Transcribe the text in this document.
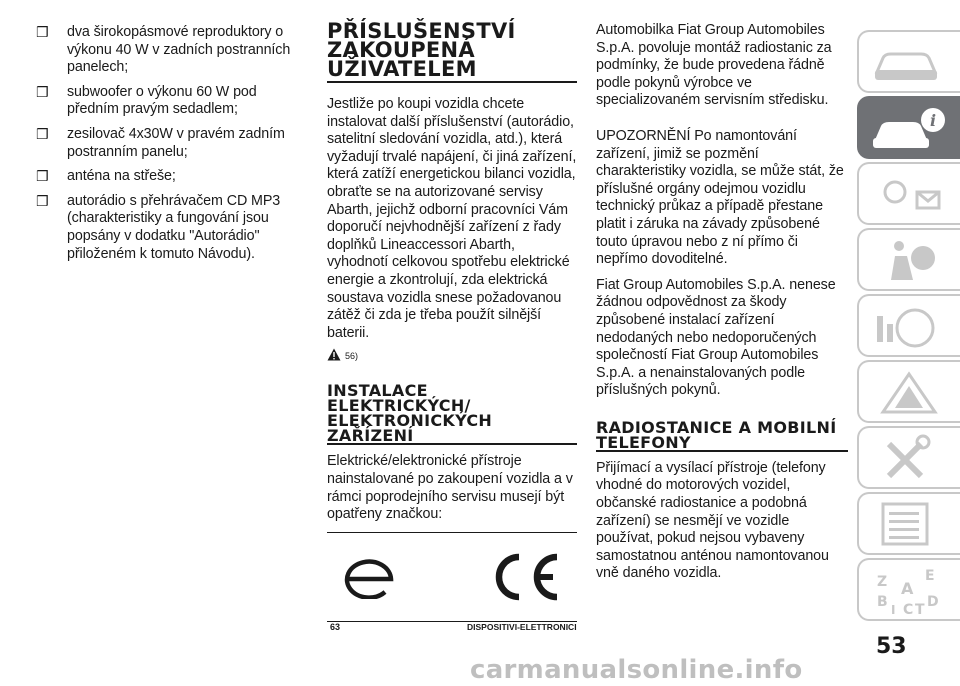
❒ dva širokopásmové reproduktory o výkonu 40 W v zadních postranních panelech;
❒ subwoofer o výkonu 60 W pod předním pravým sedadlem;
❒ zesilovač 4x30W v pravém zadním postranním panelu;
❒ anténa na střeše;
❒ autorádio s přehrávačem CD MP3 (charakteristiky a fungování jsou popsány v dodatku "Autorádio" přiloženém k tomuto Návodu).
PŘÍSLUŠENSTVÍ ZAKOUPENÁ UŽIVATELEM

Jestliže po koupi vozidla chcete instalovat další příslušenství (autorádio, satelitní sledování vozidla, atd.), která vyžadují trvalé napájení, či jiná zařízení, která zatíží energetickou bilanci vozidla, obraťte se na autorizované servisy Abarth, jejichž odborní pracovníci Vám doporučí nejvhodnější zařízení z řady doplňků Lineaccessori Abarth, vyhodnotí celkovou spotřebu elektrické energie a zkontrolují, zda elektrická soustava vozidla snese požadovanou zátěž či zda je třeba použít silnější baterii.

56)
INSTALACE ELEKTRICKÝCH/ ELEKTRONICKÝCH ZAŘÍZENÍ

Elektrické/elektronické přístroje nainstalované po zakoupení vozidla a v rámci poprodejního servisu musejí být opatřeny značkou:

63	DISPOSITIVI-ELETTRONICI

Automobilka Fiat Group Automobiles S.p.A. povoluje montáž radiostanic za podmínky, že bude provedena řádně podle pokynů výrobce ve specializovaném servisním středisku.

UPOZORNĚNÍ Po namontování zařízení, jimiž se pozmění charakteristiky vozidla, se může stát, že příslušné orgány odejmou vozidlu technický průkaz a případě přestane platit i záruka na závady způsobené touto úpravou nebo z ní přímo či nepřímo dovoditelné.

Fiat Group Automobiles S.p.A. nenese žádnou odpovědnost za škody způsobené instalací zařízení nedodaných nebo nedoporučených společností Fiat Group Automobiles S.p.A. a nenainstalovaných podle příslušných pokynů.

RADIOSTANICE A MOBILNÍ TELEFONY

Přijímací a vysílací přístroje (telefony vhodné do motorových vozidel, občanské radiostanice a podobná zařízení) se nesmějí ve vozidle používat, pokud nejsou vybaveny samostatnou anténou namontovanou vně daného vozidla.

i
Z	E
A
B	D
I C T
53
carmanualsonline.info
